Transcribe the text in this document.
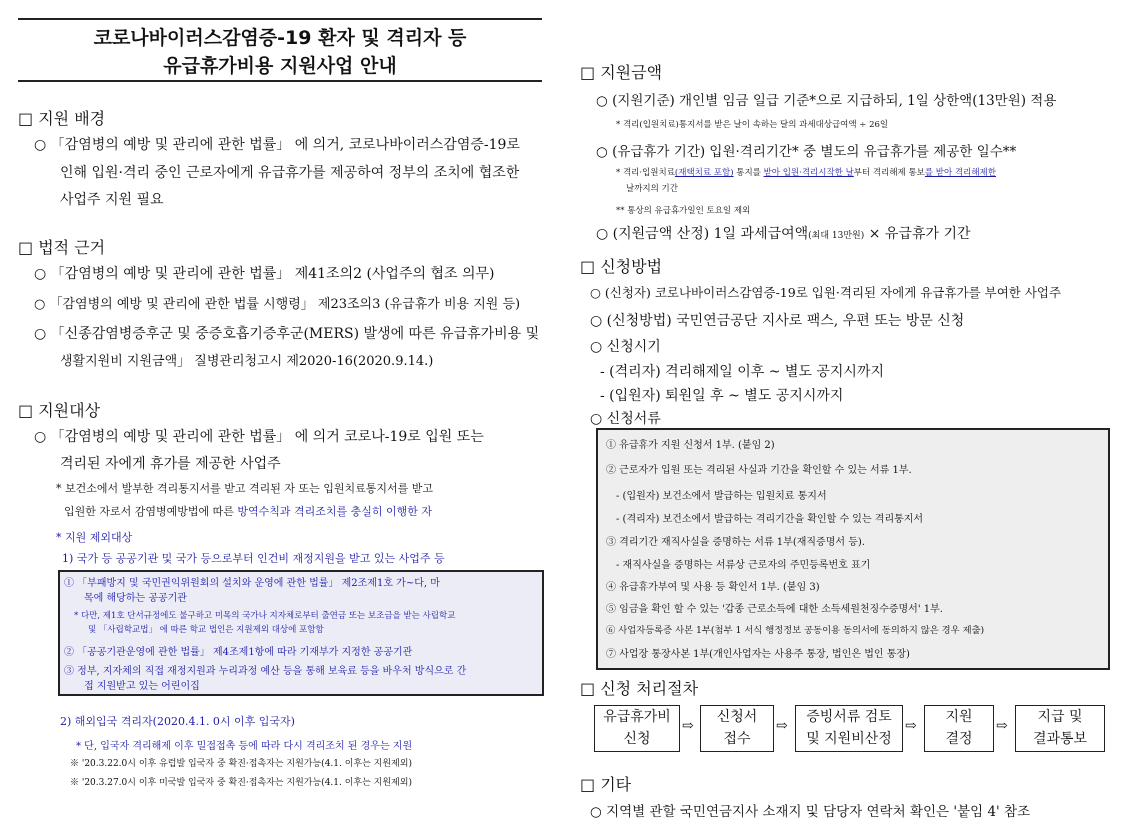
코로나바이러스감염증-19 환자 및 격리자 등
유급휴가비용 지원사업 안내
□ 지원 배경
○ 「감염병의 예방 및 관리에 관한 법률」 에 의거, 코로나바이러스감염증-19로
인해 입원·격리 중인 근로자에게 유급휴가를 제공하여 정부의 조치에 협조한
사업주 지원 필요
□ 법적 근거
○ 「감염병의 예방 및 관리에 관한 법률」 제41조의2 (사업주의 협조 의무)
○ 「감염병의 예방 및 관리에 관한 법률 시행령」 제23조의3 (유급휴가 비용 지원 등)
○ 「신종감염병증후군 및 중증호흡기증후군(MERS) 발생에 따른 유급휴가비용 및
생활지원비 지원금액」 질병관리청고시 제2020-16(2020.9.14.)
□ 지원대상
○ 「감염병의 예방 및 관리에 관한 법률」 에 의거 코로나-19로 입원 또는
격리된 자에게 휴가를 제공한 사업주
* 보건소에서 발부한 격리통지서를 받고 격리된 자 또는 입원치료통지서를 받고
입원한 자로서 감염병예방법에 따른 방역수칙과 격리조치를 충실히 이행한 자
* 지원 제외대상
1) 국가 등 공공기관 및 국가 등으로부터 인건비 재정지원을 받고 있는 사업주 등
① 「부패방지 및 국민권익위원회의 설치와 운영에 관한 법률」 제2조제1호 가~다, 마
목에 해당하는 공공기관
* 다만, 제1호 단서규정에도 불구하고 미목의 국가나 지자체로부터 출연금 또는 보조금을 받는 사립학교
및 「사립학교법」 에 따른 학교 법인은 지원제외 대상에 포함함
② 「공공기관운영에 관한 법률」 제4조제1항에 따라 기재부가 지정한 공공기관
③ 정부, 지자체의 직접 재정지원과 누리과정 예산 등을 통해 보육료 등을 바우처 방식으로 간
접 지원받고 있는 어린이집
2) 해외입국 격리자(2020.4.1. 0시 이후 입국자)
* 단, 입국자 격리해제 이후 밀접접촉 등에 따라 다시 격리조치 된 경우는 지원
※ '20.3.22.0시 이후 유럽발 입국자 중 확진·접촉자는 지원가능(4.1. 이후는 지원제외)
※ '20.3.27.0시 이후 미국발 입국자 중 확진·접촉자는 지원가능(4.1. 이후는 지원제외)
□ 지원금액
○ (지원기준) 개인별 임금 일급 기준*으로 지급하되, 1일 상한액(13만원) 적용
* 격리(입원치료)통지서를 받은 날이 속하는 달의 과세대상급여액 ÷ 26일
○ (유급휴가 기간) 입원·격리기간* 중 별도의 유급휴가를 제공한 일수**
* 격리·입원치료(재택치료 포함) 통지를 받아 입원·격리시작한 날부터 격리해제 통보를 받아 격리해제한
날까지의 기간
** 통상의 유급휴가일인 토요일 제외
○ (지원금액 산정) 1일 과세급여액(최대 13만원) × 유급휴가 기간
□ 신청방법
○ (신청자) 코로나바이러스감염증-19로 입원·격리된 자에게 유급휴가를 부여한 사업주
○ (신청방법) 국민연금공단 지사로 팩스, 우편 또는 방문 신청
○ 신청시기
- (격리자) 격리해제일 이후 ~ 별도 공지시까지
- (입원자) 퇴원일 후 ~ 별도 공지시까지
○ 신청서류
① 유급휴가 지원 신청서 1부. (붙임 2)
② 근로자가 입원 또는 격리된 사실과 기간을 확인할 수 있는 서류 1부.
- (입원자) 보건소에서 발급하는 입원치료 통지서
- (격리자) 보건소에서 발급하는 격리기간을 확인할 수 있는 격리통지서
③ 격리기간 재직사실을 증명하는 서류 1부(재직증명서 등).
- 재직사실을 증명하는 서류상 근로자의 주민등록번호 표기
④ 유급휴가부여 및 사용 등 확인서 1부. (붙임 3)
⑤ 임금을 확인 할 수 있는 '갑종 근로소득에 대한 소득세원천징수증명서' 1부.
⑥ 사업자등록증 사본 1부(첨부 1 서식 행정정보 공동이용 동의서에 동의하지 않은 경우 제출)
⑦ 사업장 통장사본 1부(개인사업자는 사용주 통장, 법인은 법인 통장)
□ 신청 처리절차
유급휴가비
신청
⇨
신청서
접수
⇨
증빙서류 검토
및 지원비산정
⇨
지원
결정
⇨
지급 및
결과통보
□ 기타
○ 지역별 관할 국민연금지사 소재지 및 담당자 연락처 확인은 '붙임 4' 참조
